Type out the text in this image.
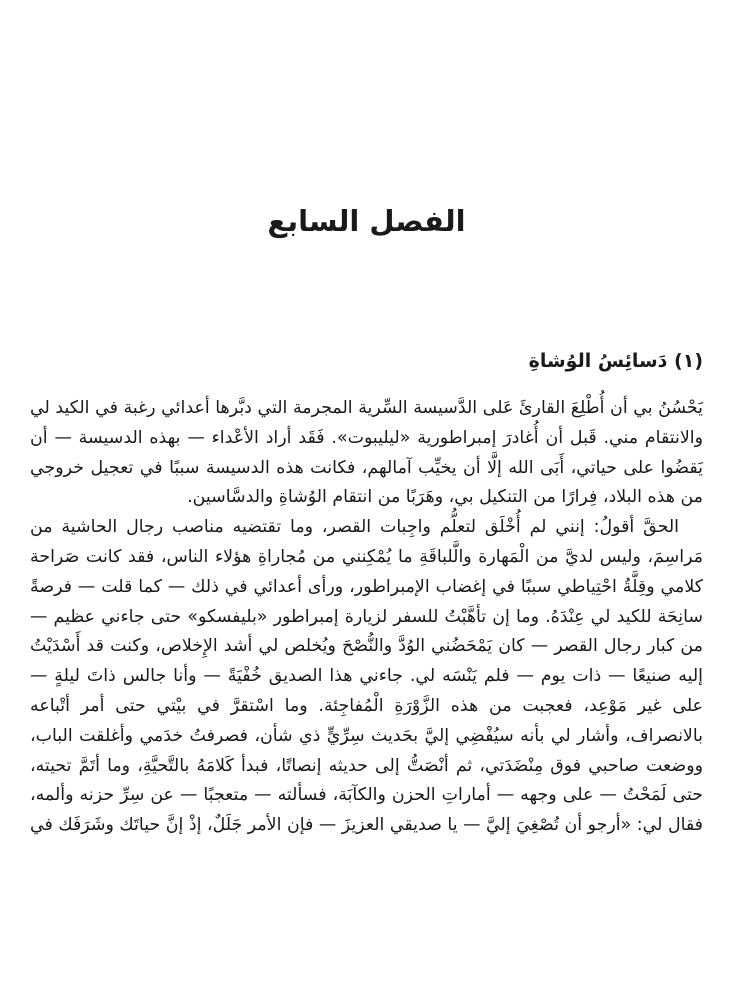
الفصل السابع
(١) دَسائِسُ الوُشاةِ

يَحْسُنُ بي أن أُطْلِعَ القارئَ عَلى الدَّسيسة السِّرية المجرمة التي دبَّرها أعدائي رغبة في الكيد لي والانتقام مني. قَبل أن أُغادرَ إمبراطورية «ليليبوت». فَقَد أراد الأعْداء — بهذه الدسيسة — أن يَقضُوا على حياتي، أَبَى الله إلَّا أن يخيِّب آمالهم، فكانت هذه الدسيسة سببًا في تعجيل خروجي من هذه البلاد، فِرارًا من التنكيل بي، وهَرَبًا من انتقام الوُشاةِ والدسَّاسين.

الحقَّ أقولُ: إنني لم أُخْلَق لتعلُّم واجِبات القصر، وما تقتضيه مناصب رجال الحاشية من مَراسِمَ، وليس لديَّ من الْمَهارة والَّلباقَةِ ما يُمْكِنني من مُجاراةِ هؤلاء الناس، فقد كانت صَراحة كلامي وقِلَّةُ احْتِياطي سببًا في إغضاب الإمبراطور، ورأى أعدائي في ذلك — كما قلت — فرصةً سانِحَة للكيد لي عِنْدَهُ. وما إن تأهَّبْتُ للسفر لزيارة إمبراطور «بليفسكو» حتى جاءني عظيم — من كبار رجال القصر — كان يَمْحَضُني الوُدَّ والنُّصْحَ ويُخلص لي أشد الإِخلاص، وكنت قد أَسْدَيْتُ إليه صنيعًا — ذات يوم — فلم يَنْسَه لي. جاءني هذا الصديق خُفْيَةً — وأنا جالس ذاتَ ليلةٍ — على غير مَوْعِد، فعجبت من هذه الزَّوْرَةِ الْمُفاجِئة. وما اسْتقرَّ في بيْتي حتى أمر أتْباعه بالانصراف، وأشار لي بأنه سيُفْضِي إليَّ بحَديث سِرِّيٍّ ذي شأن، فصرفتُ خدَمي وأغلقت الباب، ووضعت صاحبي فوق مِنْضَدَتي، ثم أنْصَتُّ إلى حديثه إنصاتًا، فبدأ كَلامَهُ بالتَّحيَّةِ، وما أتَمَّ تحيته، حتى لَمَحْتُ — على وجهه — أماراتِ الحزن والكآبَة، فسألته — متعجبًا — عن سِرِّ حزنه وألمه، فقال لي: «أرجو أن تُصْغِيَ إليَّ — يا صديقي العزيزَ — فإن الأمر جَلَلٌ، إذْ إنَّ حياتَك وشَرَفَك في
